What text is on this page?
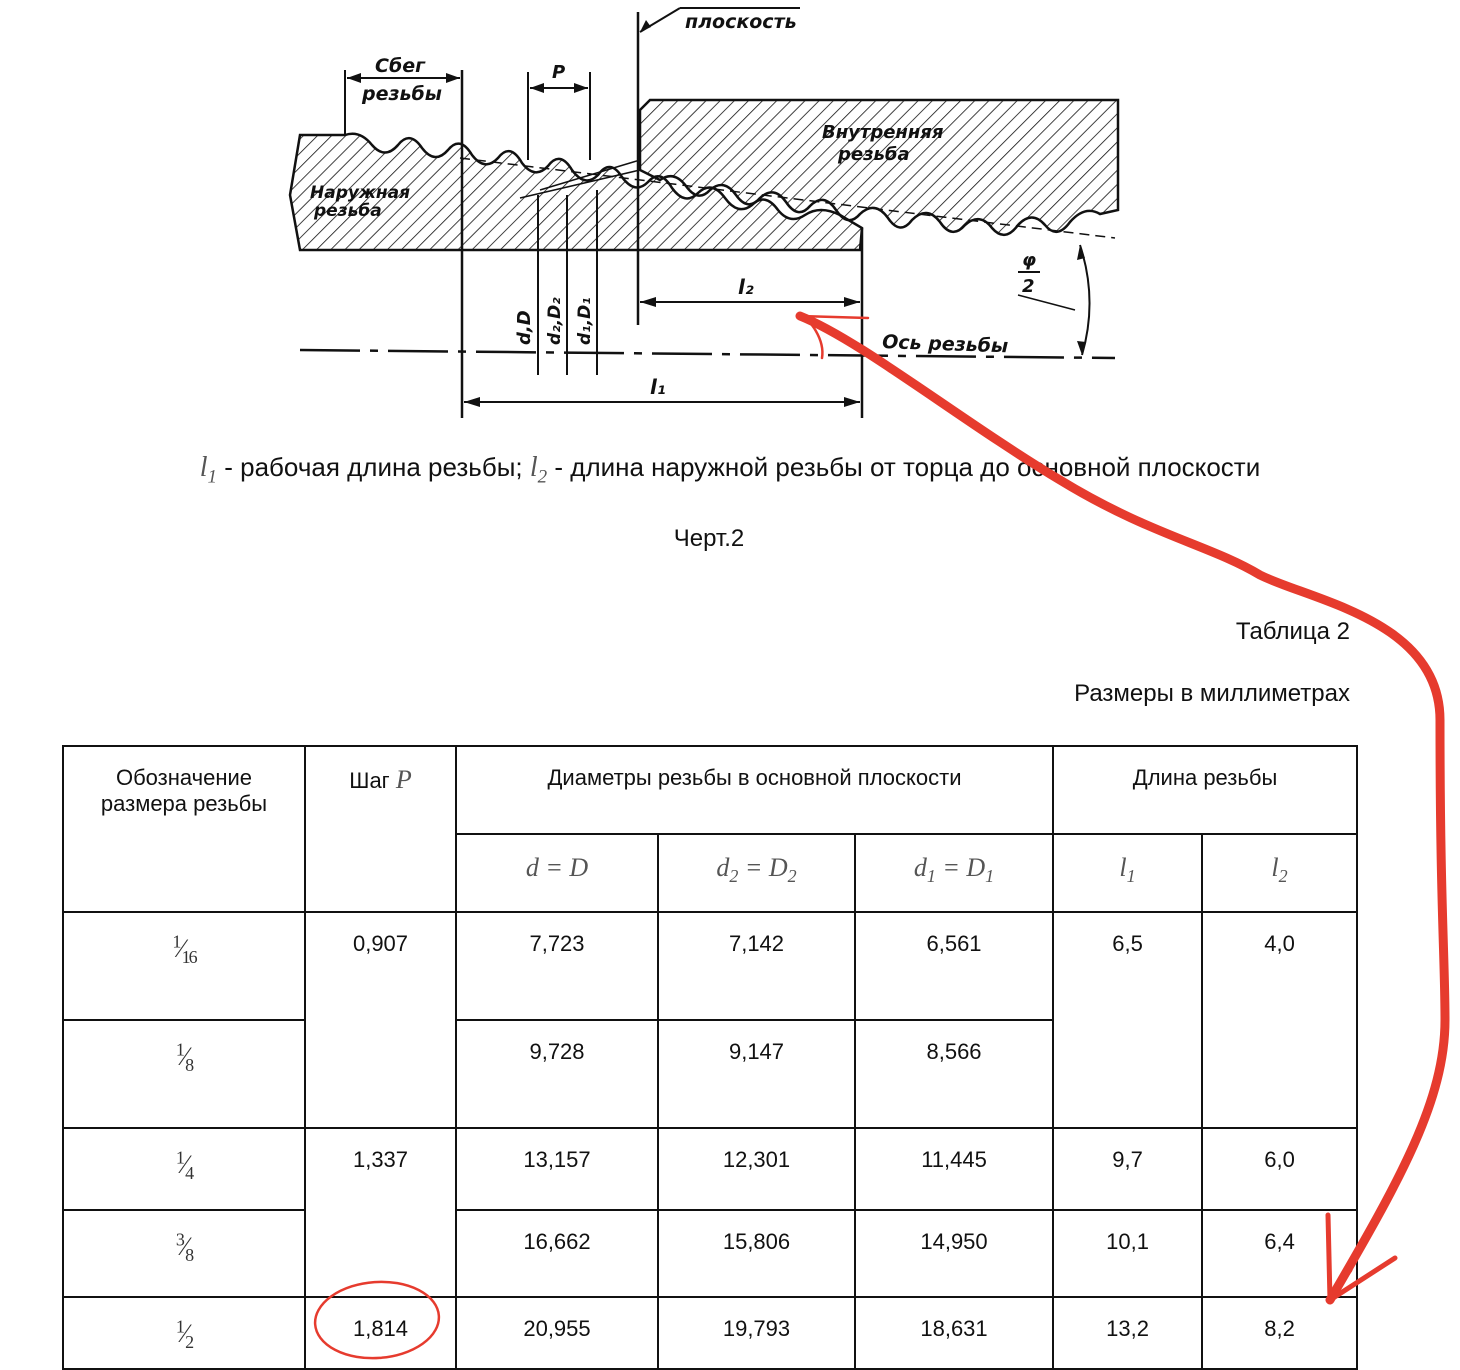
плоскость
Сбег
резьбы
P
Внутренняя
резьба
Наружная
резьба
d,D d₂,D₂ d₁,D₁
l₂
l₁
φ
2
Ось резьбы
$l_1$ - рабочая длина резьбы; $l_2$ - длина наружной резьбы от торца до основной плоскости
Черт.2
Таблица 2
Размеры в миллиметрах
Обозначение размера резьбы	Шаг P	Диаметры резьбы в основной плоскости			Длина резьбы	
		d = D	$d_2 = D_2$	$d_1 = D_1$	$l_1$	$l_2$
$^1⁄_{16}$	0,907	7,723	7,142	6,561	6,5	4,0
$^1⁄_8$		9,728	9,147	8,566		
$^1⁄_4$	1,337	13,157	12,301	11,445	9,7	6,0
$^3⁄_8$		16,662	15,806	14,950	10,1	6,4
$^1⁄_2$	1,814	20,955	19,793	18,631	13,2	8,2
